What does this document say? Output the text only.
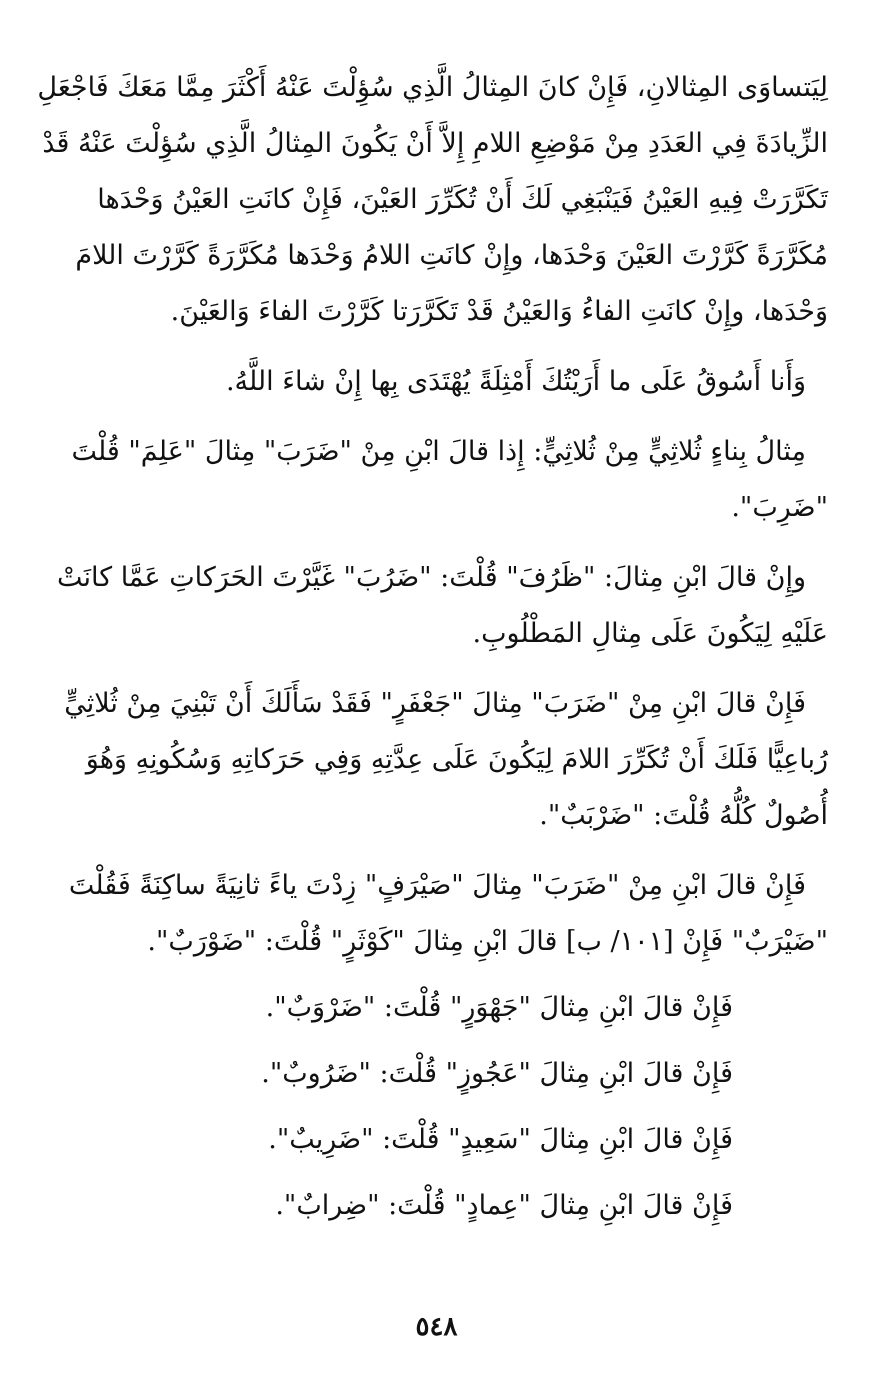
لِيَتساوَى المِثالانِ، فَإِنْ كانَ المِثالُ الَّذِي سُؤِلْتَ عَنْهُ أَكْثَرَ مِمَّا مَعَكَ فَاجْعَلِ
الزِّيادَةَ فِي العَدَدِ مِنْ مَوْضِعِ اللامِ إِلاَّ أَنْ يَكُونَ المِثالُ الَّذِي سُؤِلْتَ عَنْهُ قَدْ
تَكَرَّرَتْ فِيهِ العَيْنُ فَيَنْبَغِي لَكَ أَنْ تُكَرِّرَ العَيْنَ، فَإِنْ كانَتِ العَيْنُ وَحْدَها
مُكَرَّرَةً كَرَّرْتَ العَيْنَ وَحْدَها، وإِنْ كانَتِ اللامُ وَحْدَها مُكَرَّرَةً كَرَّرْتَ اللامَ
وَحْدَها، وإِنْ كانَتِ الفاءُ وَالعَيْنُ قَدْ تَكَرَّرَتا كَرَّرْتَ الفاءَ وَالعَيْنَ.

وَأَنا أَسُوقُ عَلَى ما أَرَيْتُكَ أَمْثِلَةً يُهْتَدَى بِها إِنْ شاءَ اللَّهُ.

مِثالُ بِناءٍ ثُلاثِيٍّ مِنْ ثُلاثِيٍّ: إِذا قالَ ابْنِ مِنْ "ضَرَبَ" مِثالَ "عَلِمَ" قُلْتَ
"ضَرِبَ".

وإِنْ قالَ ابْنِ مِثالَ: "ظَرُفَ" قُلْتَ: "ضَرُبَ" غَيَّرْتَ الحَرَكاتِ عَمَّا كانَتْ
عَلَيْهِ لِيَكُونَ عَلَى مِثالِ المَطْلُوبِ.

فَإِنْ قالَ ابْنِ مِنْ "ضَرَبَ" مِثالَ "جَعْفَرٍ" فَقَدْ سَأَلَكَ أَنْ تَبْنِيَ مِنْ ثُلاثِيٍّ
رُباعِيًّا فَلَكَ أَنْ تُكَرِّرَ اللامَ لِيَكُونَ عَلَى عِدَّتِهِ وَفِي حَرَكاتِهِ وَسُكُونِهِ وَهُوَ
أُصُولٌ كُلُّهُ قُلْتَ: "ضَرْبَبٌ".

فَإِنْ قالَ ابْنِ مِنْ "ضَرَبَ" مِثالَ "صَيْرَفٍ" زِدْتَ ياءً ثانِيَةً ساكِنَةً فَقُلْتَ
"ضَيْرَبٌ" فَإِنْ [١٠١/ ب] قالَ ابْنِ مِثالَ "كَوْثَرٍ" قُلْتَ: "ضَوْرَبٌ".

فَإِنْ قالَ ابْنِ مِثالَ "جَهْوَرٍ" قُلْتَ: "ضَرْوَبٌ".

فَإِنْ قالَ ابْنِ مِثالَ "عَجُوزٍ" قُلْتَ: "ضَرُوبٌ".

فَإِنْ قالَ ابْنِ مِثالَ "سَعِيدٍ" قُلْتَ: "ضَرِيبٌ".

فَإِنْ قالَ ابْنِ مِثالَ "عِمادٍ" قُلْتَ: "ضِرابٌ".

٥٤٨
